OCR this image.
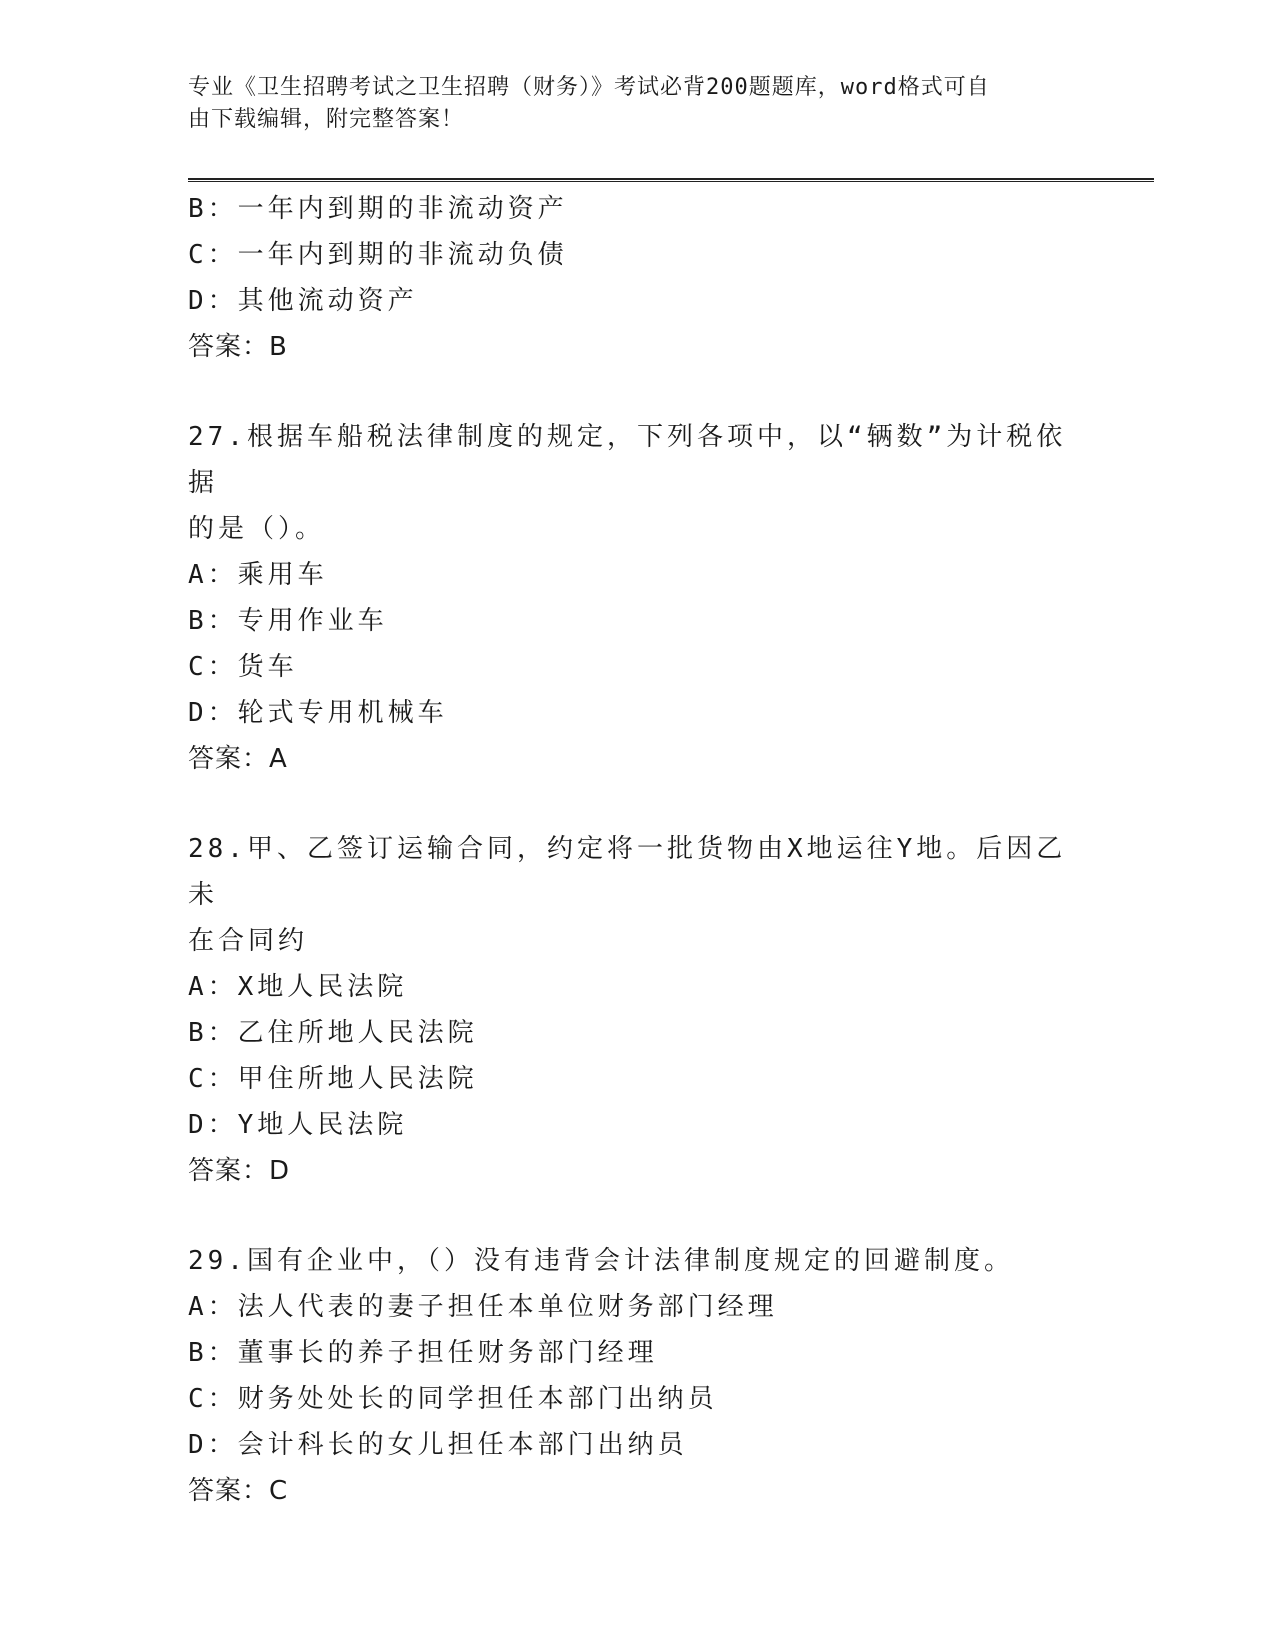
专业《卫生招聘考试之卫生招聘（财务）》考试必背200题题库，word格式可自
由下载编辑，附完整答案！
B：一年内到期的非流动资产
C：一年内到期的非流动负债
D：其他流动资产
答案：B
27.根据车船税法律制度的规定，下列各项中，以“辆数”为计税依据
的是（）。
A：乘用车
B：专用作业车
C：货车
D：轮式专用机械车
答案：A
28.甲、乙签订运输合同，约定将一批货物由X地运往Y地。后因乙未
在合同约
A：X地人民法院
B：乙住所地人民法院
C：甲住所地人民法院
D：Y地人民法院
答案：D
29.国有企业中，（）没有违背会计法律制度规定的回避制度。
A：法人代表的妻子担任本单位财务部门经理
B：董事长的养子担任财务部门经理
C：财务处处长的同学担任本部门出纳员
D：会计科长的女儿担任本部门出纳员
答案：C
